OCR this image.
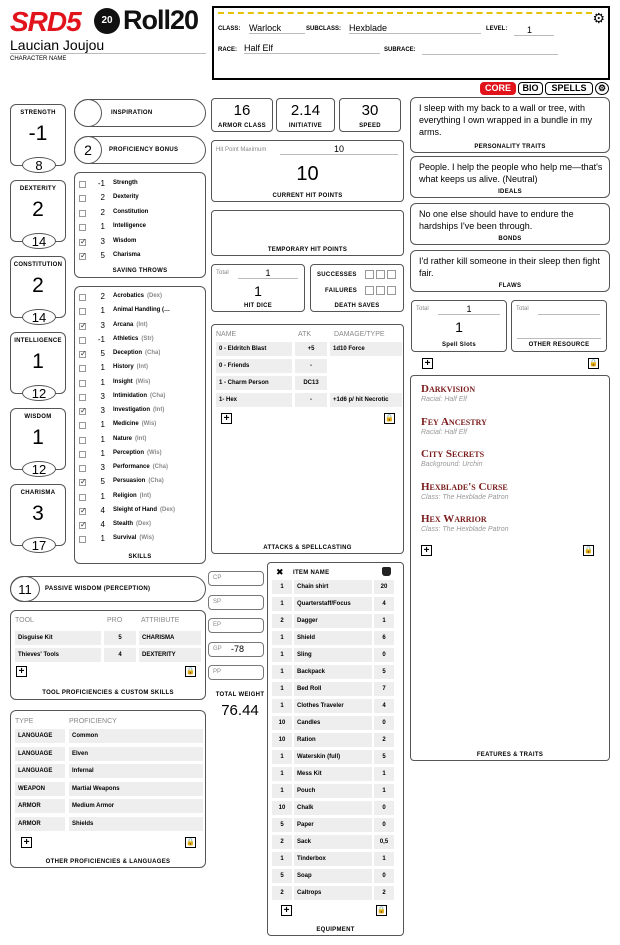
SRD5	20 Roll20
Laucian Joujou
CHARACTER NAME
⚙
CLASS: Warlock	SUBCLASS: Hexblade	LEVEL:	1
RACE: Half Elf	SUBRACE:
CORE	BIO	SPELLS	⚙
STRENGTH
-1
8
DEXTERITY
2
14
CONSTITUTION
2
14
INTELLIGENCE
1
12
WISDOM
1
12
CHARISMA
3
17
INSPIRATION
2	PROFICIENCY BONUS
-1 Strength
2 Dexterity
2 Constitution
1 Intelligence
✓
3 Wisdom
✓
5 Charisma
SAVING THROWS
2 Acrobatics (Dex)
1 Animal Handling (…
✓
3 Arcana (Int)
-1 Athletics (Str)
✓
5 Deception (Cha)
1 History (Int)
1 Insight (Wis)
3 Intimidation (Cha)
✓
3 Investigation (Int)
1 Medicine (Wis)
1 Nature (Int)
1 Perception (Wis)
3 Performance (Cha)
✓
5 Persuasion (Cha)
1 Religion (Int)
✓
4 Sleight of Hand (Dex)
✓
4 Stealth (Dex)
1 Survival (Wis)
SKILLS
11	PASSIVE WISDOM (PERCEPTION)
TOOL	PRO	ATTRIBUTE
Disguise Kit	5	CHARISMA
Thieves' Tools	4	DEXTERITY
+	🔒
TOOL PROFICIENCIES & CUSTOM SKILLS
TYPE	PROFICIENCY
LANGUAGE	Common
LANGUAGE	Elven
LANGUAGE	Infernal
WEAPON	Martial Weapons
ARMOR	Medium Armor
ARMOR	Shields
+	🔒
OTHER PROFICIENCIES & LANGUAGES
16
ARMOR CLASS
2.14
INITIATIVE
30
SPEED
Hit Point Maximum	10
10
CURRENT HIT POINTS
TEMPORARY HIT POINTS
Total	1
1
HIT DICE
SUCCESSES

FAILURES

DEATH SAVES
NAME	ATK	DAMAGE/TYPE
0 - Eldritch Blast	+5	1d10 Force
0 - Friends	-
1 - Charm Person	DC13
1- Hex	-	+1d6 p/ hit Necrotic
+	🔒
ATTACKS & SPELLCASTING
CP
SP
EP
GP -78
PP
TOTAL WEIGHT
76.44
✖ ITEM NAME
1	Chain shirt	20
1	Quarterstaff/Focus	4
2	Dagger	1
1	Shield	6
1	Sling	0
1	Backpack	5
1	Bed Roll	7
1	Clothes Traveler	4
10	Candles	0
10	Ration	2
1	Waterskin (full)	5
1	Mess Kit	1
1	Pouch	1
10	Chalk	0
5	Paper	0
2	Sack	0,5
1	Tinderbox	1
5	Soap	0
2	Caltrops	2
+	🔒
EQUIPMENT
I sleep with my back to a wall or tree, with everything I own wrapped in a bundle in my arms.
PERSONALITY TRAITS
People. I help the people who help me—that's what keeps us alive. (Neutral)
IDEALS
No one else should have to endure the hardships I've been through.
BONDS
I'd rather kill someone in their sleep then fight fair.
FLAWS
Total	1
1
Spell Slots
Total
OTHER RESOURCE
+	🔒
Darkvision
Racial: Half Elf
Fey Ancestry
Racial: Half Elf
City Secrets
Background: Urchin
Hexblade's Curse
Class: The Hexblade Patron
Hex Warrior
Class: The Hexblade Patron
+	🔒
FEATURES & TRAITS
